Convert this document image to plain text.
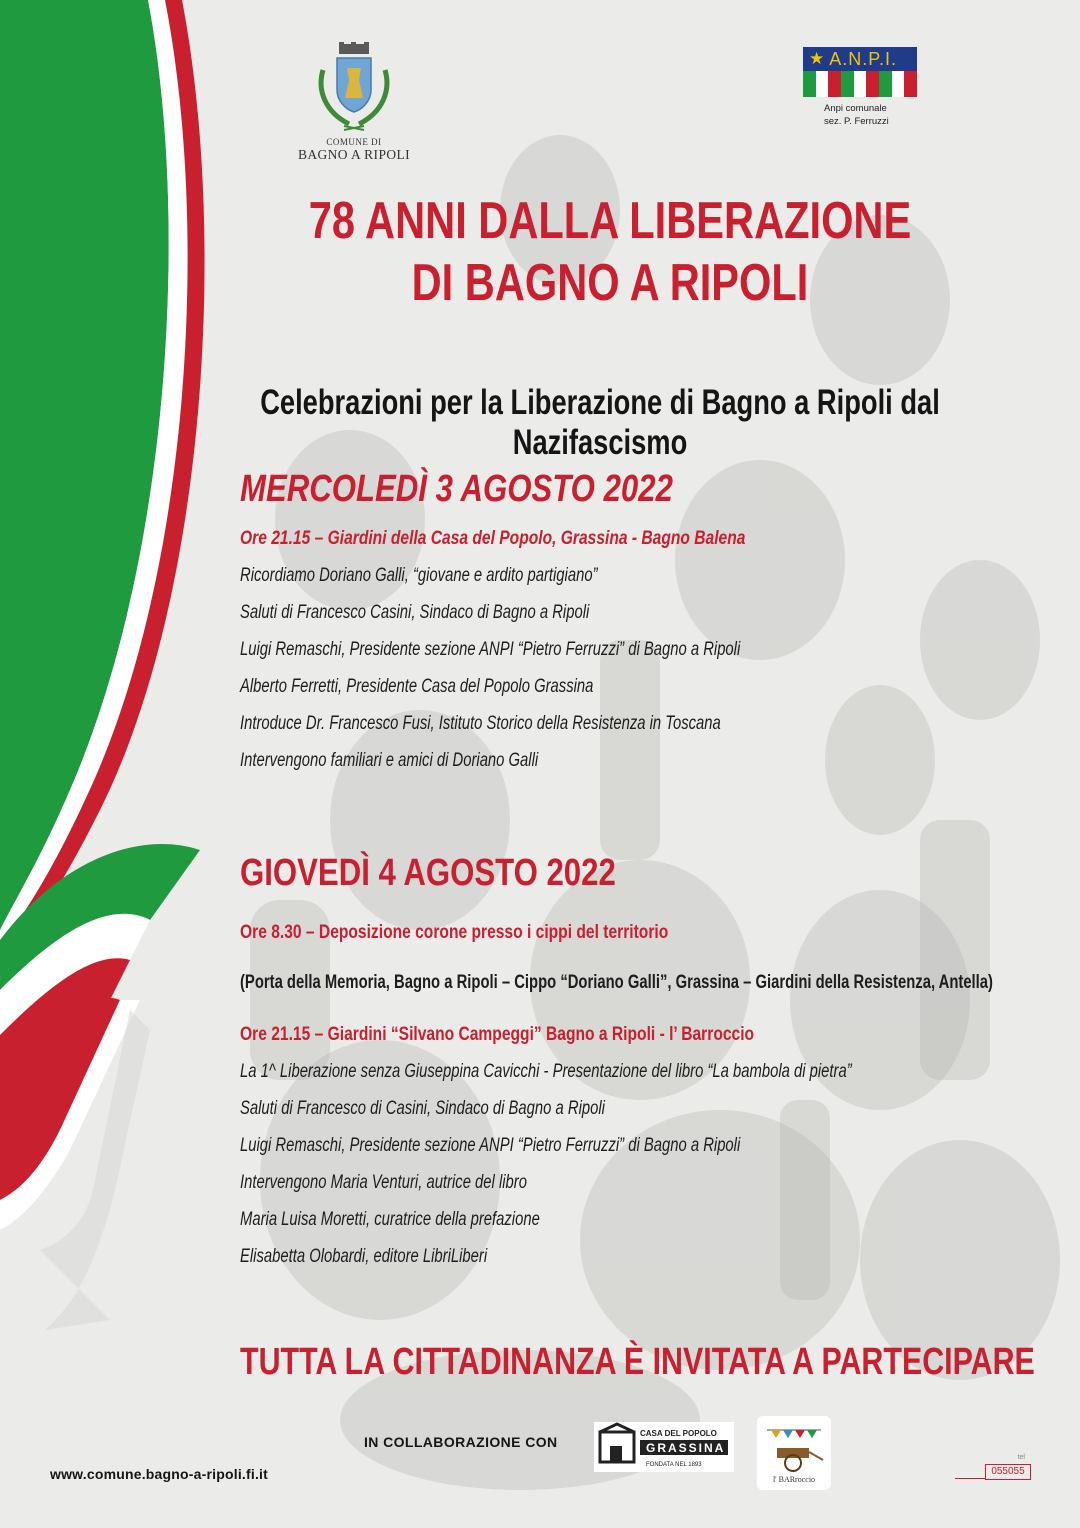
COMUNE DI
BAGNO A RIPOLI
★ A.N.P.I.
Anpi comunale
sez. P. Ferruzzi
78 ANNI DALLA LIBERAZIONE
DI BAGNO A RIPOLI
Celebrazioni per la Liberazione di Bagno a Ripoli dal Nazifascismo
MERCOLEDÌ 3 AGOSTO 2022
Ore 21.15 – Giardini della Casa del Popolo, Grassina - Bagno Balena
Ricordiamo Doriano Galli, “giovane e ardito partigiano”
Saluti di Francesco Casini, Sindaco di Bagno a Ripoli
Luigi Remaschi, Presidente sezione ANPI “Pietro Ferruzzi” di Bagno a Ripoli
Alberto Ferretti, Presidente Casa del Popolo Grassina
Introduce Dr. Francesco Fusi, Istituto Storico della Resistenza in Toscana
Intervengono familiari e amici di Doriano Galli
GIOVEDÌ 4 AGOSTO 2022
Ore 8.30 – Deposizione corone presso i cippi del territorio
(Porta della Memoria, Bagno a Ripoli – Cippo “Doriano Galli”, Grassina – Giardini della Resistenza, Antella)
Ore 21.15 – Giardini “Silvano Campeggi” Bagno a Ripoli - l’ Barroccio
La 1^ Liberazione senza Giuseppina Cavicchi - Presentazione del libro “La bambola di pietra”
Saluti di Francesco di Casini, Sindaco di Bagno a Ripoli
Luigi Remaschi, Presidente sezione ANPI “Pietro Ferruzzi” di Bagno a Ripoli
Intervengono Maria Venturi, autrice del libro
Maria Luisa Moretti, curatrice della prefazione
Elisabetta Olobardi, editore LibriLiberi
TUTTA LA CITTADINANZA È INVITATA A PARTECIPARE
IN COLLABORAZIONE CON
CASA DEL POPOLO
GRASSINA
FONDATA NEL 1893
l' BARroccio
www.comune.bagno-a-ripoli.fi.it
tel
055055
